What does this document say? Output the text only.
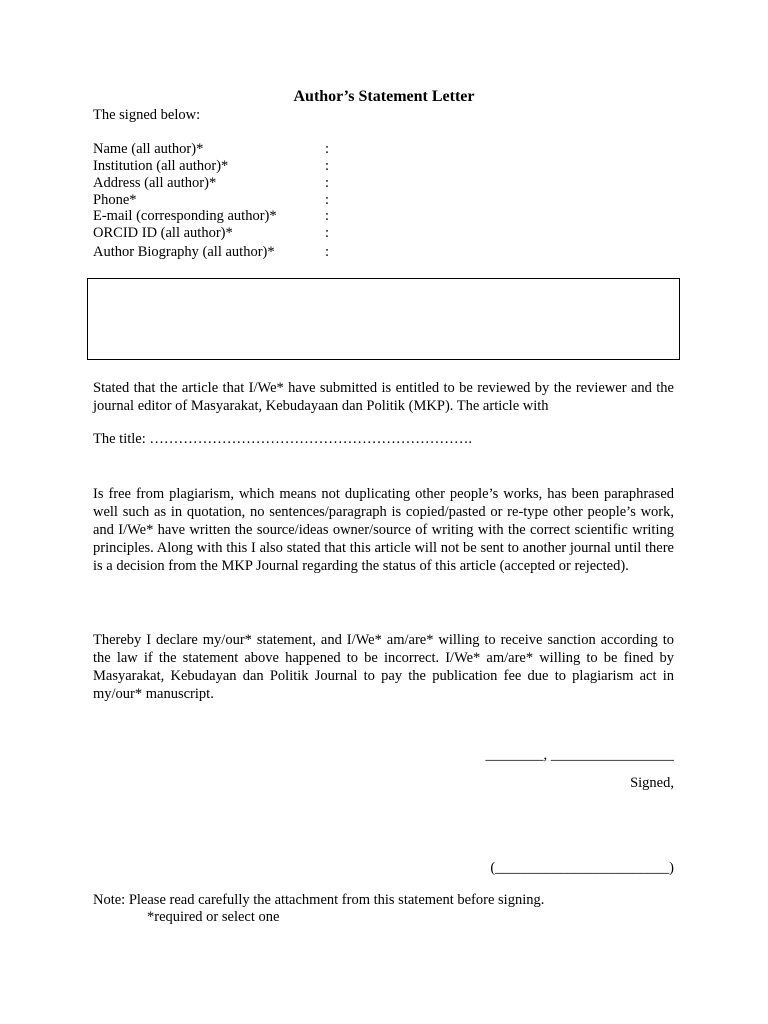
Author’s Statement Letter
The signed below:
Name (all author)*	:
Institution (all author)*	:
Address (all author)*	:
Phone*	:
E-mail (corresponding author)*	:
ORCID ID (all author)*	:
Author Biography (all author)*	:

Stated that the article that I/We* have submitted is entitled to be reviewed by the reviewer and the journal editor of Masyarakat, Kebudayaan dan Politik (MKP). The article with

The title: ………………………………………………………….

Is free from plagiarism, which means not duplicating other people’s works, has been paraphrased well such as in quotation, no sentences/paragraph is copied/pasted or re-type other people’s work, and I/We* have written the source/ideas owner/source of writing with the correct scientific writing principles. Along with this I also stated that this article will not be sent to another journal until there is a decision from the MKP Journal regarding the status of this article (accepted or rejected).

Thereby I declare my/our* statement, and I/We* am/are* willing to receive sanction according to the law if the statement above happened to be incorrect. I/We* am/are* willing to be fined by Masyarakat, Kebudayan dan Politik Journal to pay the publication fee due to plagiarism act in my/our* manuscript.

________, _________________
Signed,
(________________________)
Note: Please read carefully the attachment from this statement before signing.
*required or select one
